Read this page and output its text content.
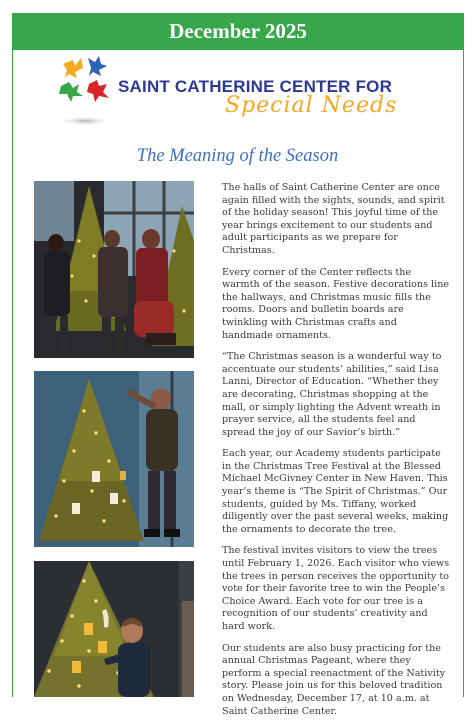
December 2025
SAINT CATHERINE CENTER FOR
Special Needs
The Meaning of the Season

The halls of Saint Catherine Center are once again filled with the sights, sounds, and spirit of the holiday season! This joyful time of the year brings excitement to our students and adult participants as we prepare for Christmas.

Every corner of the Center reflects the warmth of the season. Festive decorations line the hallways, and Christmas music fills the rooms. Doors and bulletin boards are twinkling with Christmas crafts and handmade ornaments.

“The Christmas season is a wonderful way to accentuate our students’ abilities,” said Lisa Lanni, Director of Education. “Whether they are decorating, Christmas shopping at the mall, or simply lighting the Advent wreath in prayer service, all the students feel and spread the joy of our Savior’s birth.”

Each year, our Academy students participate in the Christmas Tree Festival at the Blessed Michael McGivney Center in New Haven. This year’s theme is “The Spirit of Christmas.” Our students, guided by Ms. Tiffany, worked diligently over the past several weeks, making the ornaments to decorate the tree.

The festival invites visitors to view the trees until February 1, 2026. Each visitor who views the trees in person receives the opportunity to vote for their favorite tree to win the People’s Choice Award. Each vote for our tree is a recognition of our students’ creativity and hard work.

Our students are also busy practicing for the annual Christmas Pageant, where they perform a special reenactment of the Nativity story. Please join us for this beloved tradition on Wednesday, December 17, at 10 a.m. at Saint Catherine Center.
